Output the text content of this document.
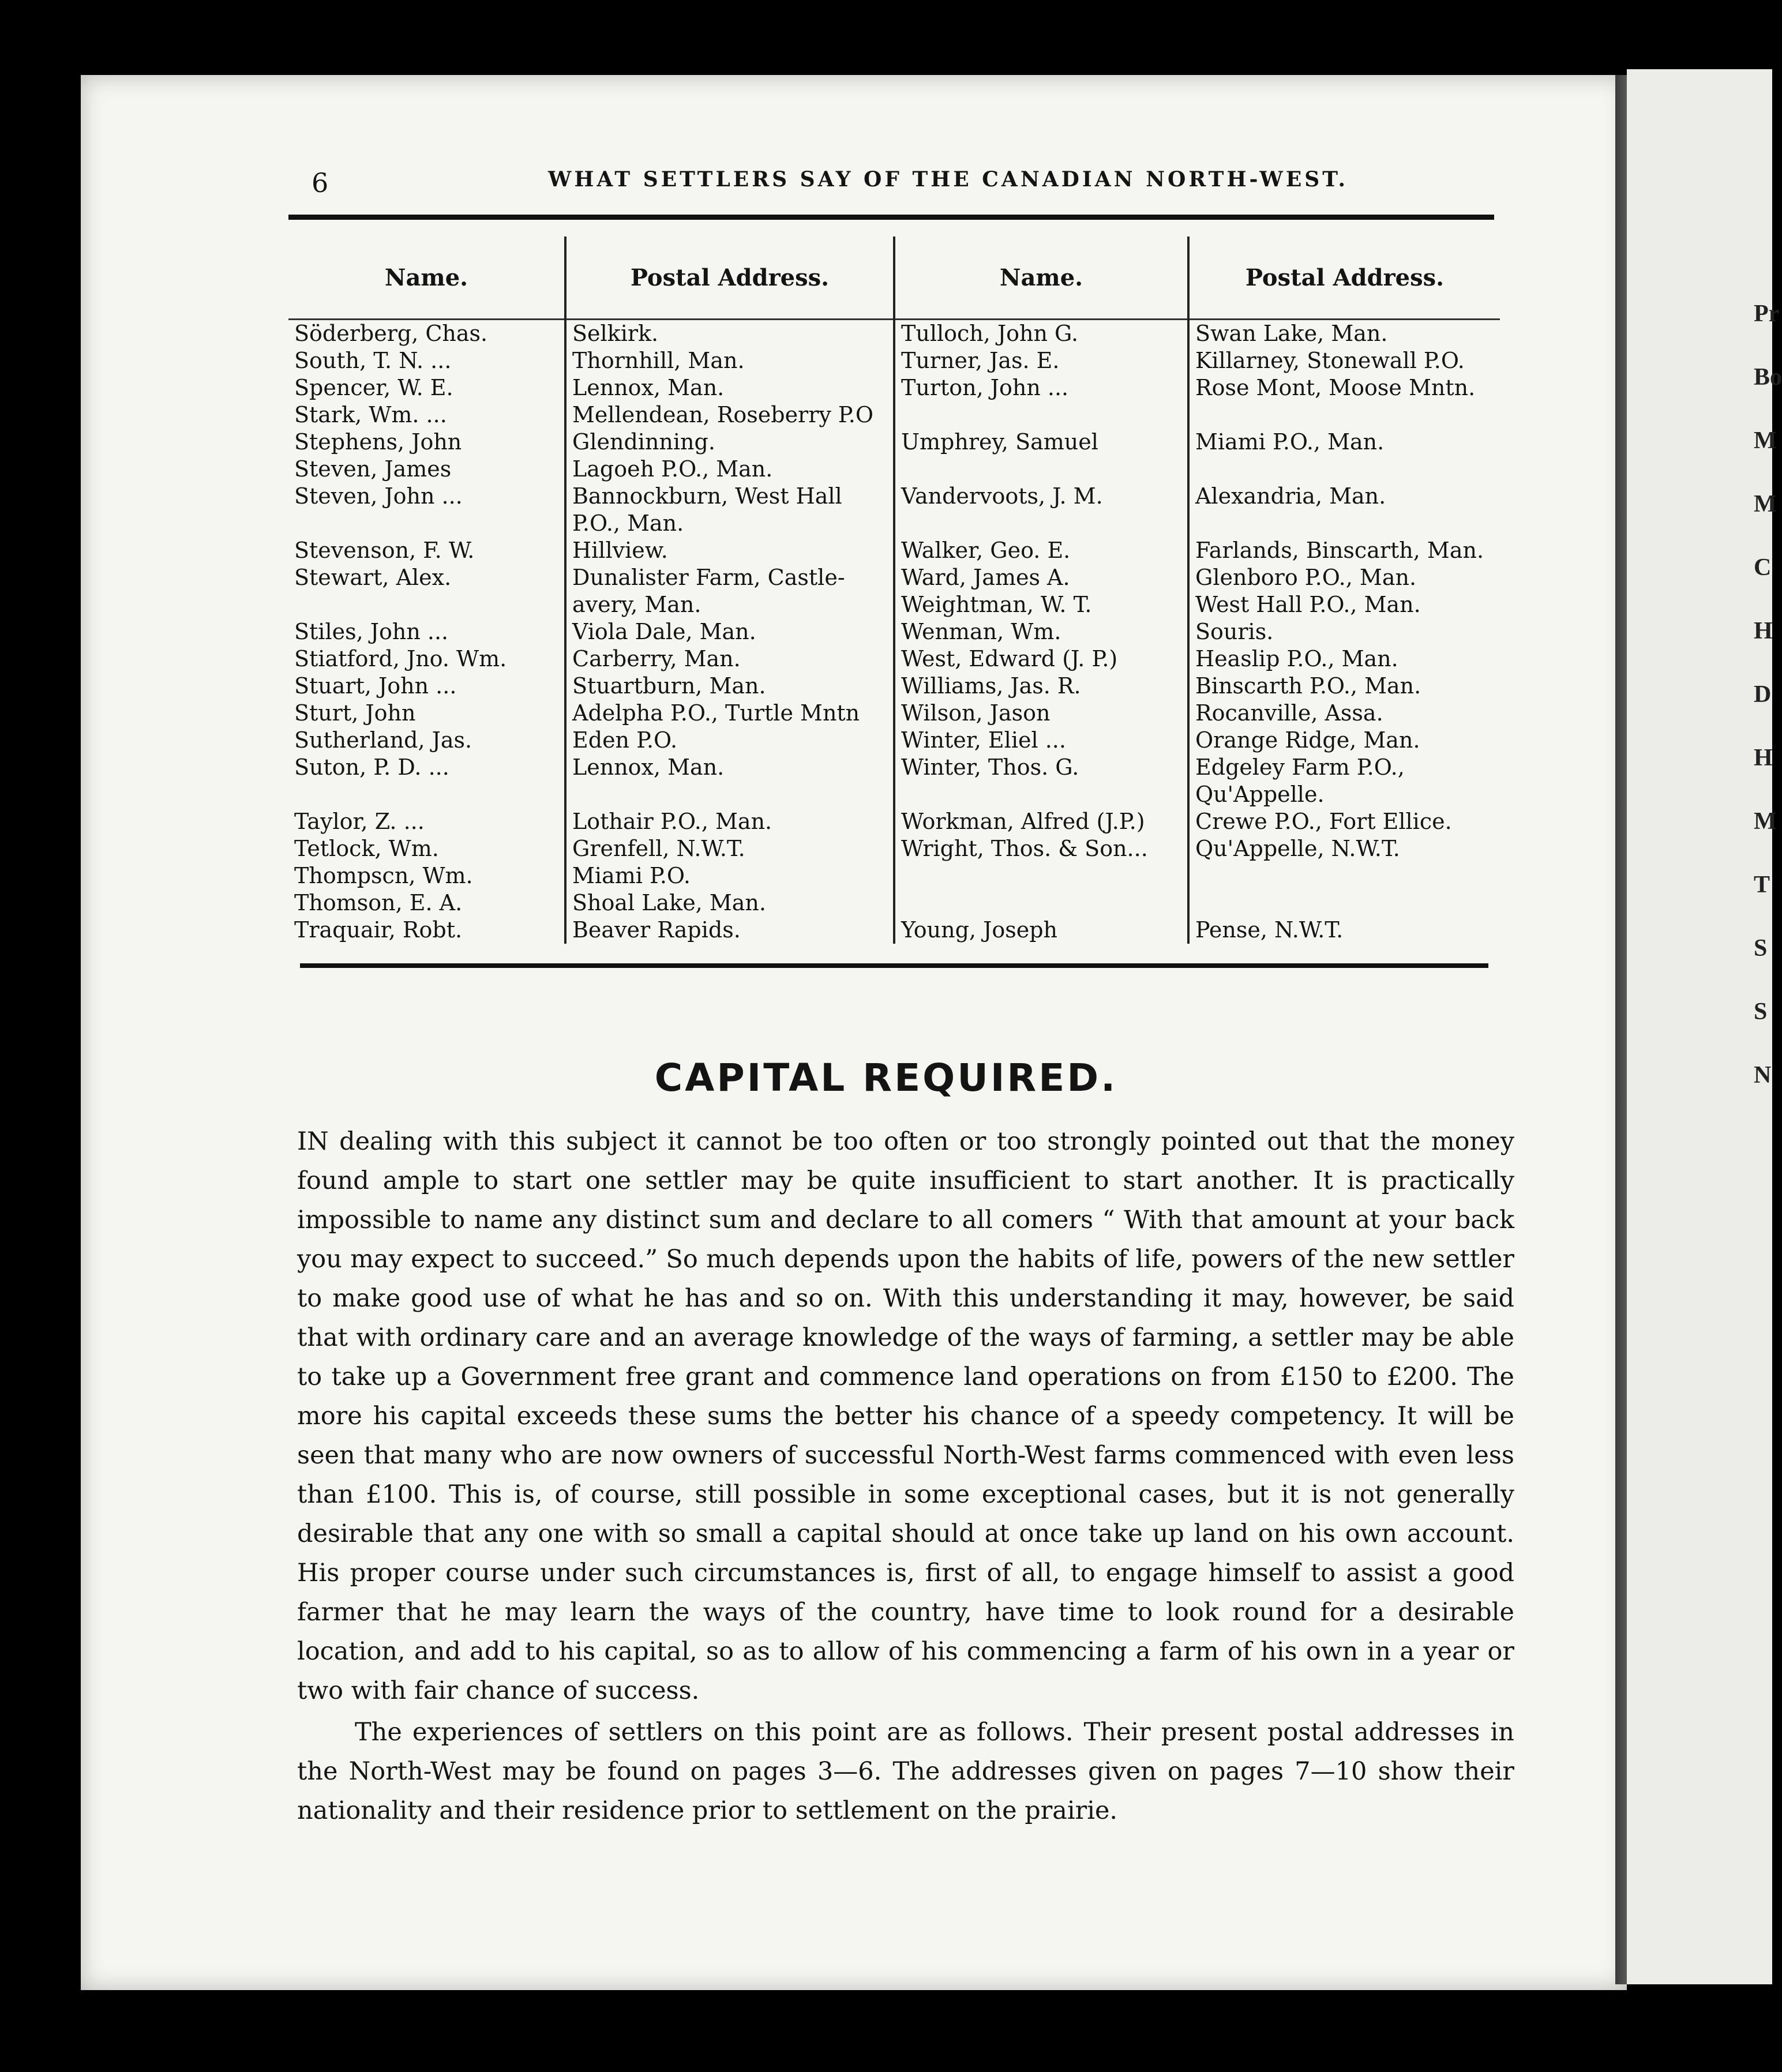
Pr
Bo
M
M
C
H
D
H
M
T
S
S
N
6	WHAT SETTLERS SAY OF THE CANADIAN NORTH-WEST.
Name.	Postal Address.	Name.	Postal Address.
Söderberg, Chas.	Selkirk.	Tulloch, John G.	Swan Lake, Man.
South, T. N. ...	Thornhill, Man.	Turner, Jas. E.	Killarney, Stonewall P.O.
Spencer, W. E.	Lennox, Man.	Turton, John ...	Rose Mont, Moose Mntn.
Stark, Wm. ...	Mellendean, Roseberry P.O		
Stephens, John	Glendinning.	Umphrey, Samuel	Miami P.O., Man.
Steven, James	Lagoeh P.O., Man.		
Steven, John ...	Bannockburn, West Hall	Vandervoots, J. M.	Alexandria, Man.
	P.O., Man.		
Stevenson, F. W.	Hillview.	Walker, Geo. E.	Farlands, Binscarth, Man.
Stewart, Alex.	Dunalister Farm, Castle-	Ward, James A.	Glenboro P.O., Man.
	avery, Man.	Weightman, W. T.	West Hall P.O., Man.
Stiles, John ...	Viola Dale, Man.	Wenman, Wm.	Souris.
Stiatford, Jno. Wm.	Carberry, Man.	West, Edward (J. P.)	Heaslip P.O., Man.
Stuart, John ...	Stuartburn, Man.	Williams, Jas. R.	Binscarth P.O., Man.
Sturt, John	Adelpha P.O., Turtle Mntn	Wilson, Jason	Rocanville, Assa.
Sutherland, Jas.	Eden P.O.	Winter, Eliel ...	Orange Ridge, Man.
Suton, P. D. ...	Lennox, Man.	Winter, Thos. G.	Edgeley Farm P.O.,
			Qu'Appelle.
Taylor, Z. ...	Lothair P.O., Man.	Workman, Alfred (J.P.)	Crewe P.O., Fort Ellice.
Tetlock, Wm.	Grenfell, N.W.T.	Wright, Thos. & Son...	Qu'Appelle, N.W.T.
Thompscn, Wm.	Miami P.O.		
Thomson, E. A.	Shoal Lake, Man.		
Traquair, Robt.	Beaver Rapids.	Young, Joseph	Pense, N.W.T.
CAPITAL REQUIRED.

IN dealing with this subject it cannot be too often or too strongly pointed out that the money found ample to start one settler may be quite insufficient to start another. It is practically impossible to name any distinct sum and declare to all comers “ With that amount at your back you may expect to succeed.” So much depends upon the habits of life, powers of the new settler to make good use of what he has and so on. With this understanding it may, however, be said that with ordinary care and an average knowledge of the ways of farming, a settler may be able to take up a Government free grant and commence land operations on from £150 to £200. The more his capital exceeds these sums the better his chance of a speedy competency. It will be seen that many who are now owners of successful North-West farms commenced with even less than £100. This is, of course, still possible in some exceptional cases, but it is not generally desirable that any one with so small a capital should at once take up land on his own account. His proper course under such circumstances is, first of all, to engage himself to assist a good farmer that he may learn the ways of the country, have time to look round for a desirable location, and add to his capital, so as to allow of his commencing a farm of his own in a year or two with fair chance of success.

The experiences of settlers on this point are as follows. Their present postal addresses in the North-West may be found on pages 3—6. The addresses given on pages 7—10 show their nationality and their residence prior to settlement on the prairie.
